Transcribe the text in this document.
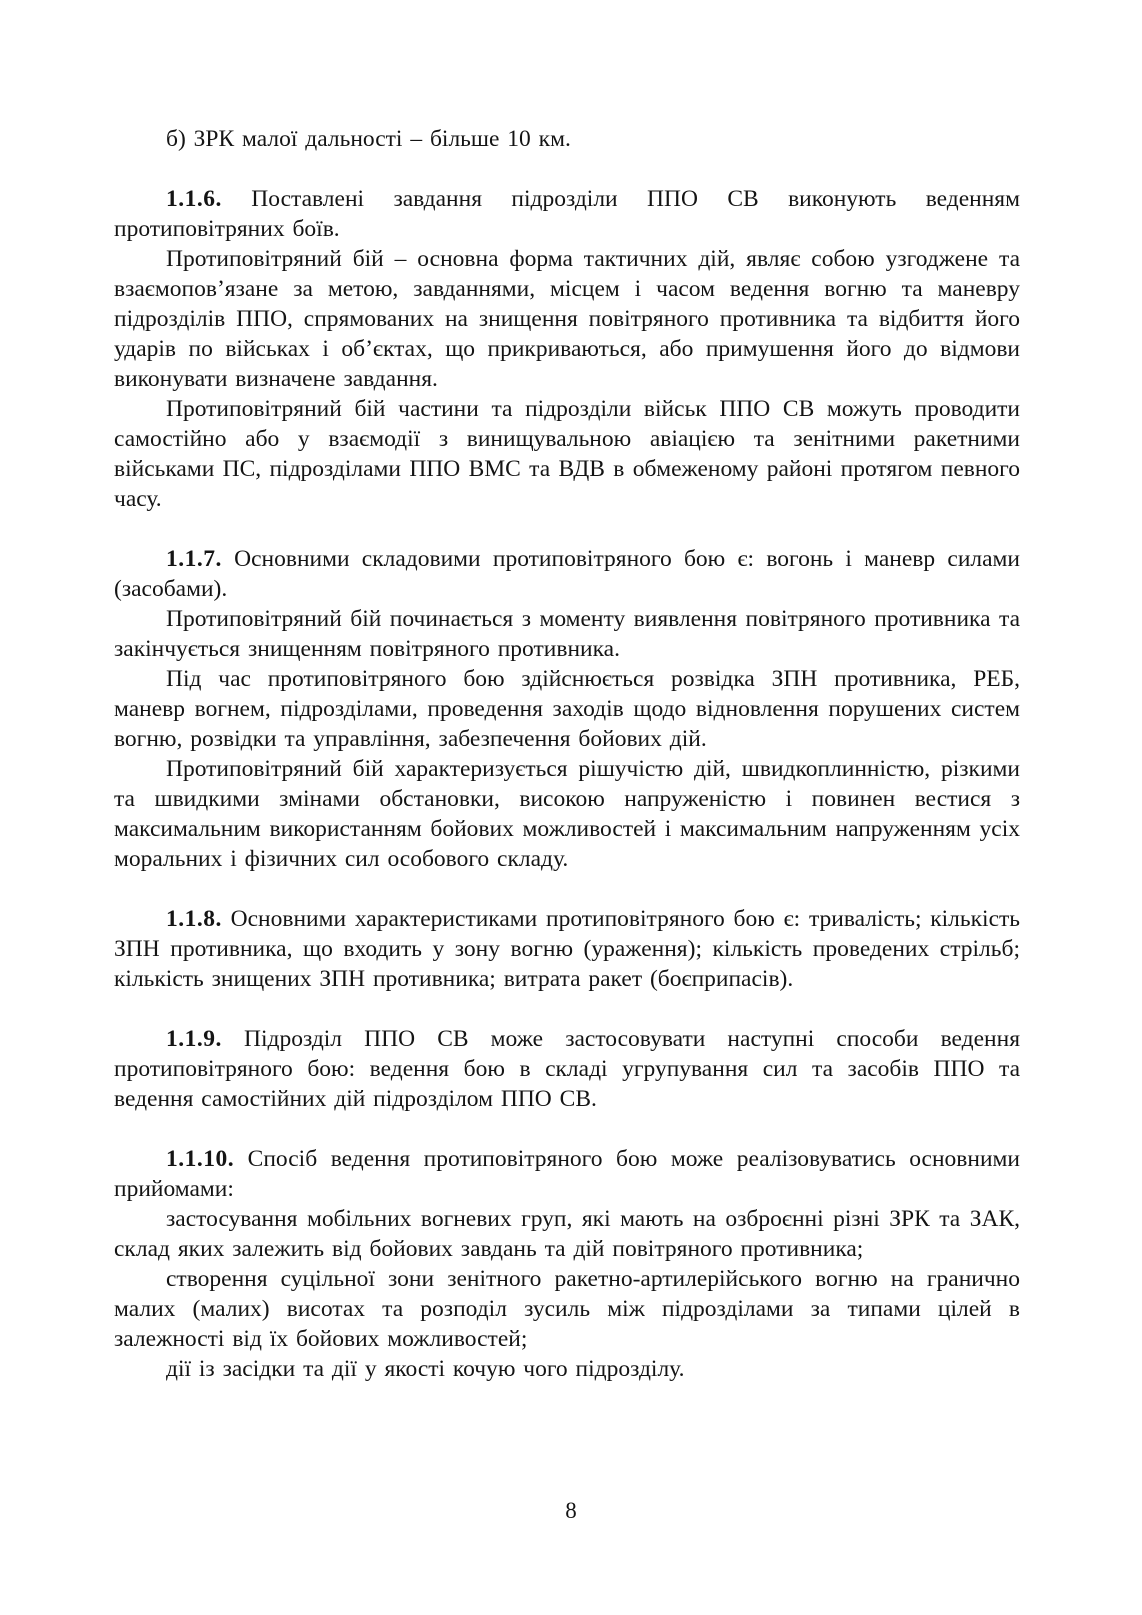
б) ЗРК малої дальності – більше 10 км.

1.1.6. Поставлені завдання підрозділи ППО СВ виконують веденням протиповітряних боїв.

Протиповітряний бій – основна форма тактичних дій, являє собою узгоджене та взаємопов’язане за метою, завданнями, місцем і часом ведення вогню та маневру підрозділів ППО, спрямованих на знищення повітряного противника та відбиття його ударів по військах і об’єктах, що прикриваються, або примушення його до відмови виконувати визначене завдання.

Протиповітряний бій частини та підрозділи військ ППО СВ можуть проводити самостійно або у взаємодії з винищувальною авіацією та зенітними ракетними військами ПС, підрозділами ППО ВМС та ВДВ в обмеженому районі протягом певного часу.

1.1.7. Основними складовими протиповітряного бою є: вогонь і маневр силами (засобами).

Протиповітряний бій починається з моменту виявлення повітряного противника та закінчується знищенням повітряного противника.

Під час протиповітряного бою здійснюється розвідка ЗПН противника, РЕБ, маневр вогнем, підрозділами, проведення заходів щодо відновлення порушених систем вогню, розвідки та управління, забезпечення бойових дій.

Протиповітряний бій характеризується рішучістю дій, швидкоплинністю, різкими та швидкими змінами обстановки, високою напруженістю і повинен вестися з максимальним використанням бойових можливостей і максимальним напруженням усіх моральних і фізичних сил особового складу.

1.1.8. Основними характеристиками протиповітряного бою є: тривалість; кількість ЗПН противника, що входить у зону вогню (ураження); кількість проведених стрільб; кількість знищених ЗПН противника; витрата ракет (боєприпасів).

1.1.9. Підрозділ ППО СВ може застосовувати наступні способи ведення протиповітряного бою: ведення бою в складі угрупування сил та засобів ППО та ведення самостійних дій підрозділом ППО СВ.

1.1.10. Спосіб ведення протиповітряного бою може реалізовуватись основними прийомами:

застосування мобільних вогневих груп, які мають на озброєнні різні ЗРК та ЗАК, склад яких залежить від бойових завдань та дій повітряного противника;

створення суцільної зони зенітного ракетно-артилерійського вогню на гранично малих (малих) висотах та розподіл зусиль між підрозділами за типами цілей в залежності від їх бойових можливостей;

дії із засідки та дії у якості кочую чого підрозділу.

8
